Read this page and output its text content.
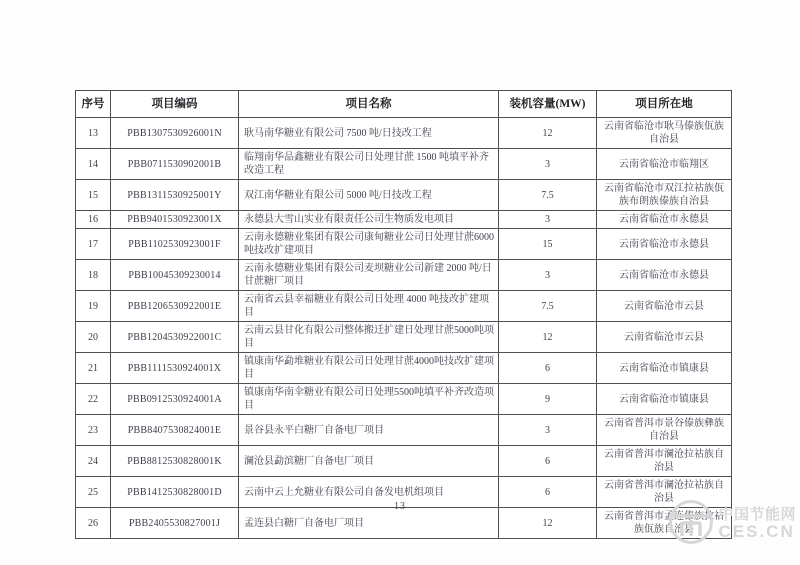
序号	项目编码	项目名称	装机容量(MW)	项目所在地
13	PBB1307530926001N	耿马南华糖业有限公司 7500 吨/日技改工程	12	云南省临沧市耿马傣族佤族自治县
14	PBB0711530902001B	临翔南华品鑫糖业有限公司日处理甘蔗 1500 吨填平补齐改造工程	3	云南省临沧市临翔区
15	PBB1311530925001Y	双江南华糖业有限公司 5000 吨/日技改工程	7.5	云南省临沧市双江拉祜族佤族布朗族傣族自治县
16	PBB9401530923001X	永德县大雪山实业有限责任公司生物质发电项目	3	云南省临沧市永德县
17	PBB1102530923001F	云南永德糖业集团有限公司康甸糖业公司日处理甘蔗6000吨技改扩建项目	15	云南省临沧市永德县
18	PBB10045309230014	云南永德糖业集团有限公司麦坝糖业公司新建 2000 吨/日甘蔗糖厂项目	3	云南省临沧市永德县
19	PBB1206530922001E	云南省云县幸福糖业有限公司日处理 4000 吨技改扩建项目	7.5	云南省临沧市云县
20	PBB1204530922001C	云南云县甘化有限公司整体搬迁扩建日处理甘蔗5000吨项目	12	云南省临沧市云县
21	PBB1111530924001X	镇康南华勐堆糖业有限公司日处理甘蔗4000吨技改扩建项目	6	云南省临沧市镇康县
22	PBB0912530924001A	镇康南华南伞糖业有限公司日处理5500吨填平补齐改造项目	9	云南省临沧市镇康县
23	PBB8407530824001E	景谷县永平白糖厂自备电厂项目	3	云南省普洱市景谷傣族彝族自治县
24	PBB8812530828001K	澜沧县勐滨糖厂自备电厂项目	6	云南省普洱市澜沧拉祜族自治县
25	PBB1412530828001D	云南中云上允糖业有限公司自备发电机组项目	6	云南省普洱市澜沧拉祜族自治县
26	PBB2405530827001J	孟连县白糖厂自备电厂项目	12	云南省普洱市孟连傣族拉祜族佤族自治县
13
中国节能网
CES.CN
